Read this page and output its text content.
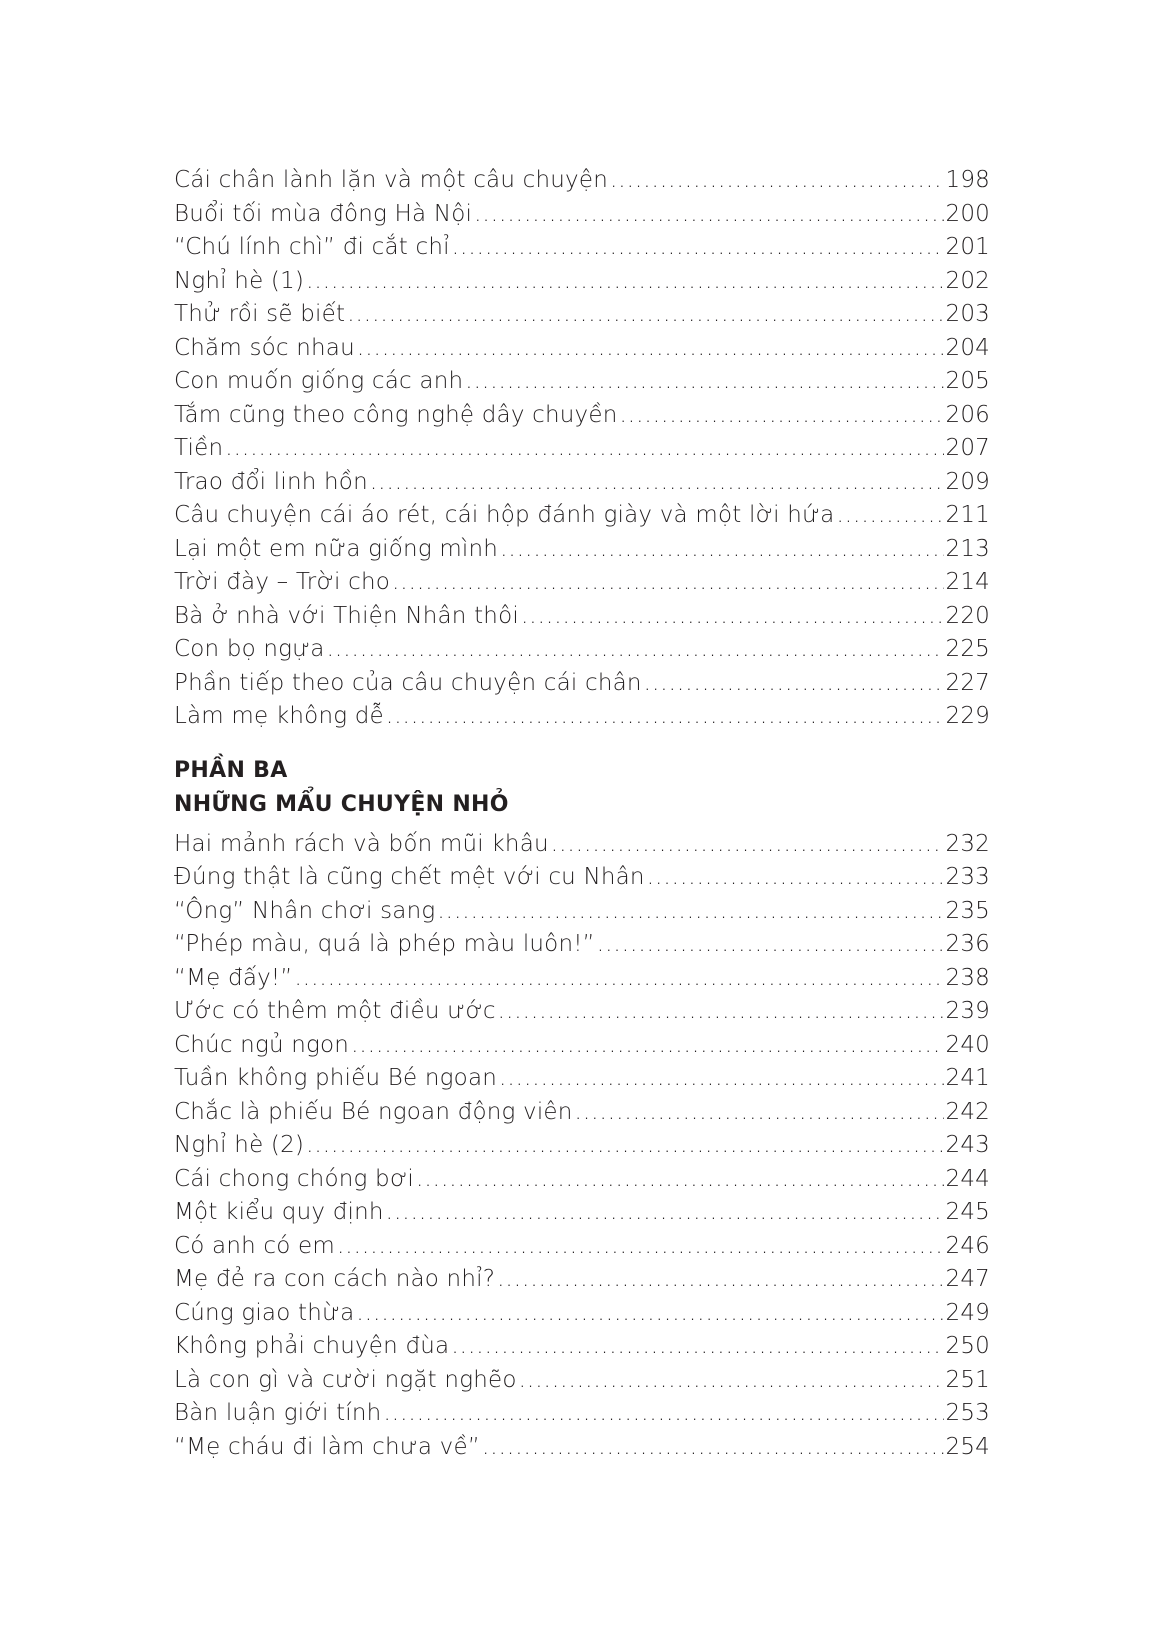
Cái chân lành lặn và một câu chuyện .....	198
Buổi tối mùa đông Hà Nội .....	200
“Chú lính chì” đi cắt chỉ .....	201
Nghỉ hè (1) .....	202
Thử rồi sẽ biết .....	203
Chăm sóc nhau .....	204
Con muốn giống các anh .....	205
Tắm cũng theo công nghệ dây chuyền .....	206
Tiền .....	207
Trao đổi linh hồn .....	209
Câu chuyện cái áo rét, cái hộp đánh giày và một lời hứa .....	211
Lại một em nữa giống mình .....	213
Trời đày – Trời cho .....	214
Bà ở nhà với Thiện Nhân thôi .....	220
Con bọ ngựa .....	225
Phần tiếp theo của câu chuyện cái chân .....	227
Làm mẹ không dễ .....	229
PHẦN BA
NHỮNG MẨU CHUYỆN NHỎ
Hai mảnh rách và bốn mũi khâu .....	232
Đúng thật là cũng chết mệt với cu Nhân .....	233
“Ông” Nhân chơi sang .....	235
“Phép màu, quá là phép màu luôn!” .....	236
“Mẹ đấy!” .....	238
Ước có thêm một điều ước .....	239
Chúc ngủ ngon .....	240
Tuần không phiếu Bé ngoan .....	241
Chắc là phiếu Bé ngoan động viên .....	242
Nghỉ hè (2) .....	243
Cái chong chóng bơi .....	244
Một kiểu quy định .....	245
Có anh có em .....	246
Mẹ đẻ ra con cách nào nhỉ? .....	247
Cúng giao thừa .....	249
Không phải chuyện đùa .....	250
Là con gì và cười ngặt nghẽo .....	251
Bàn luận giới tính .....	253
“Mẹ cháu đi làm chưa về” .....	254
